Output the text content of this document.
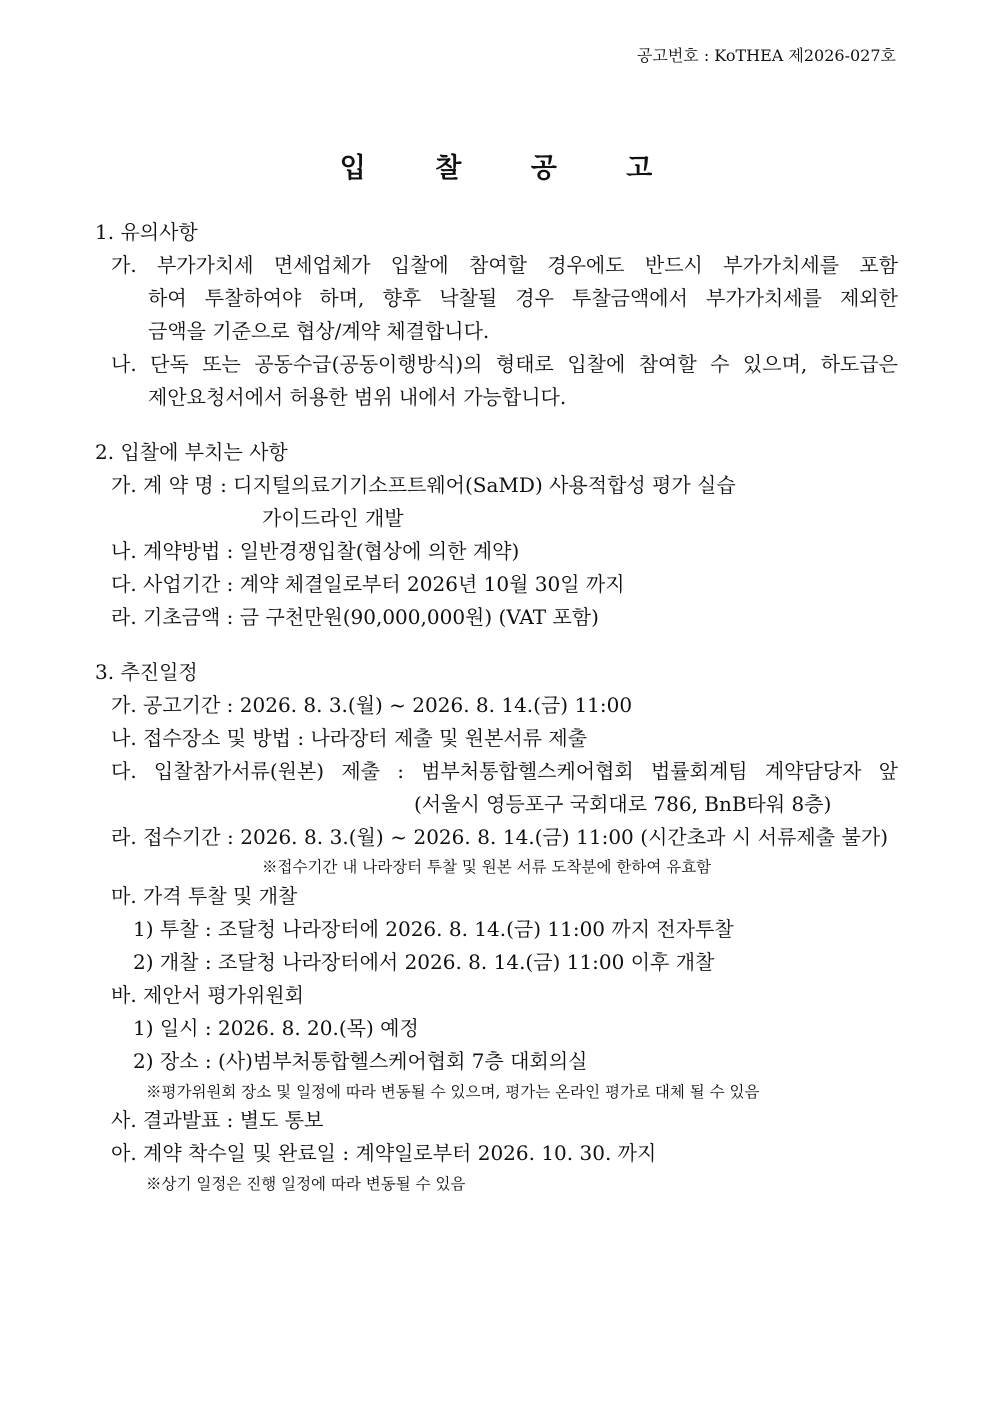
공고번호 : KoTHEA 제2026-027호
입 찰 공 고
1. 유의사항
가. 부가가치세 면세업체가 입찰에 참여할 경우에도 반드시 부가가치세를 포함
하여 투찰하여야 하며, 향후 낙찰될 경우 투찰금액에서 부가가치세를 제외한
금액을 기준으로 협상/계약 체결합니다.
나. 단독 또는 공동수급(공동이행방식)의 형태로 입찰에 참여할 수 있으며, 하도급은
제안요청서에서 허용한 범위 내에서 가능합니다.
2. 입찰에 부치는 사항
가. 계 약 명 : 디지털의료기기소프트웨어(SaMD) 사용적합성 평가 실습
가이드라인 개발
나. 계약방법 : 일반경쟁입찰(협상에 의한 계약)
다. 사업기간 : 계약 체결일로부터 2026년 10월 30일 까지
라. 기초금액 : 금 구천만원(90,000,000원) (VAT 포함)
3. 추진일정
가. 공고기간 : 2026. 8. 3.(월) ~ 2026. 8. 14.(금) 11:00
나. 접수장소 및 방법 : 나라장터 제출 및 원본서류 제출
다. 입찰참가서류(원본) 제출 : 범부처통합헬스케어협회 법률회계팀 계약담당자 앞
(서울시 영등포구 국회대로 786, BnB타워 8층)
라. 접수기간 : 2026. 8. 3.(월) ~ 2026. 8. 14.(금) 11:00 (시간초과 시 서류제출 불가)
※접수기간 내 나라장터 투찰 및 원본 서류 도착분에 한하여 유효함
마. 가격 투찰 및 개찰
1) 투찰 : 조달청 나라장터에 2026. 8. 14.(금) 11:00 까지 전자투찰
2) 개찰 : 조달청 나라장터에서 2026. 8. 14.(금) 11:00 이후 개찰
바. 제안서 평가위원회
1) 일시 : 2026. 8. 20.(목) 예정
2) 장소 : (사)범부처통합헬스케어협회 7층 대회의실
※평가위원회 장소 및 일정에 따라 변동될 수 있으며, 평가는 온라인 평가로 대체 될 수 있음
사. 결과발표 : 별도 통보
아. 계약 착수일 및 완료일 : 계약일로부터 2026. 10. 30. 까지
※상기 일정은 진행 일정에 따라 변동될 수 있음
